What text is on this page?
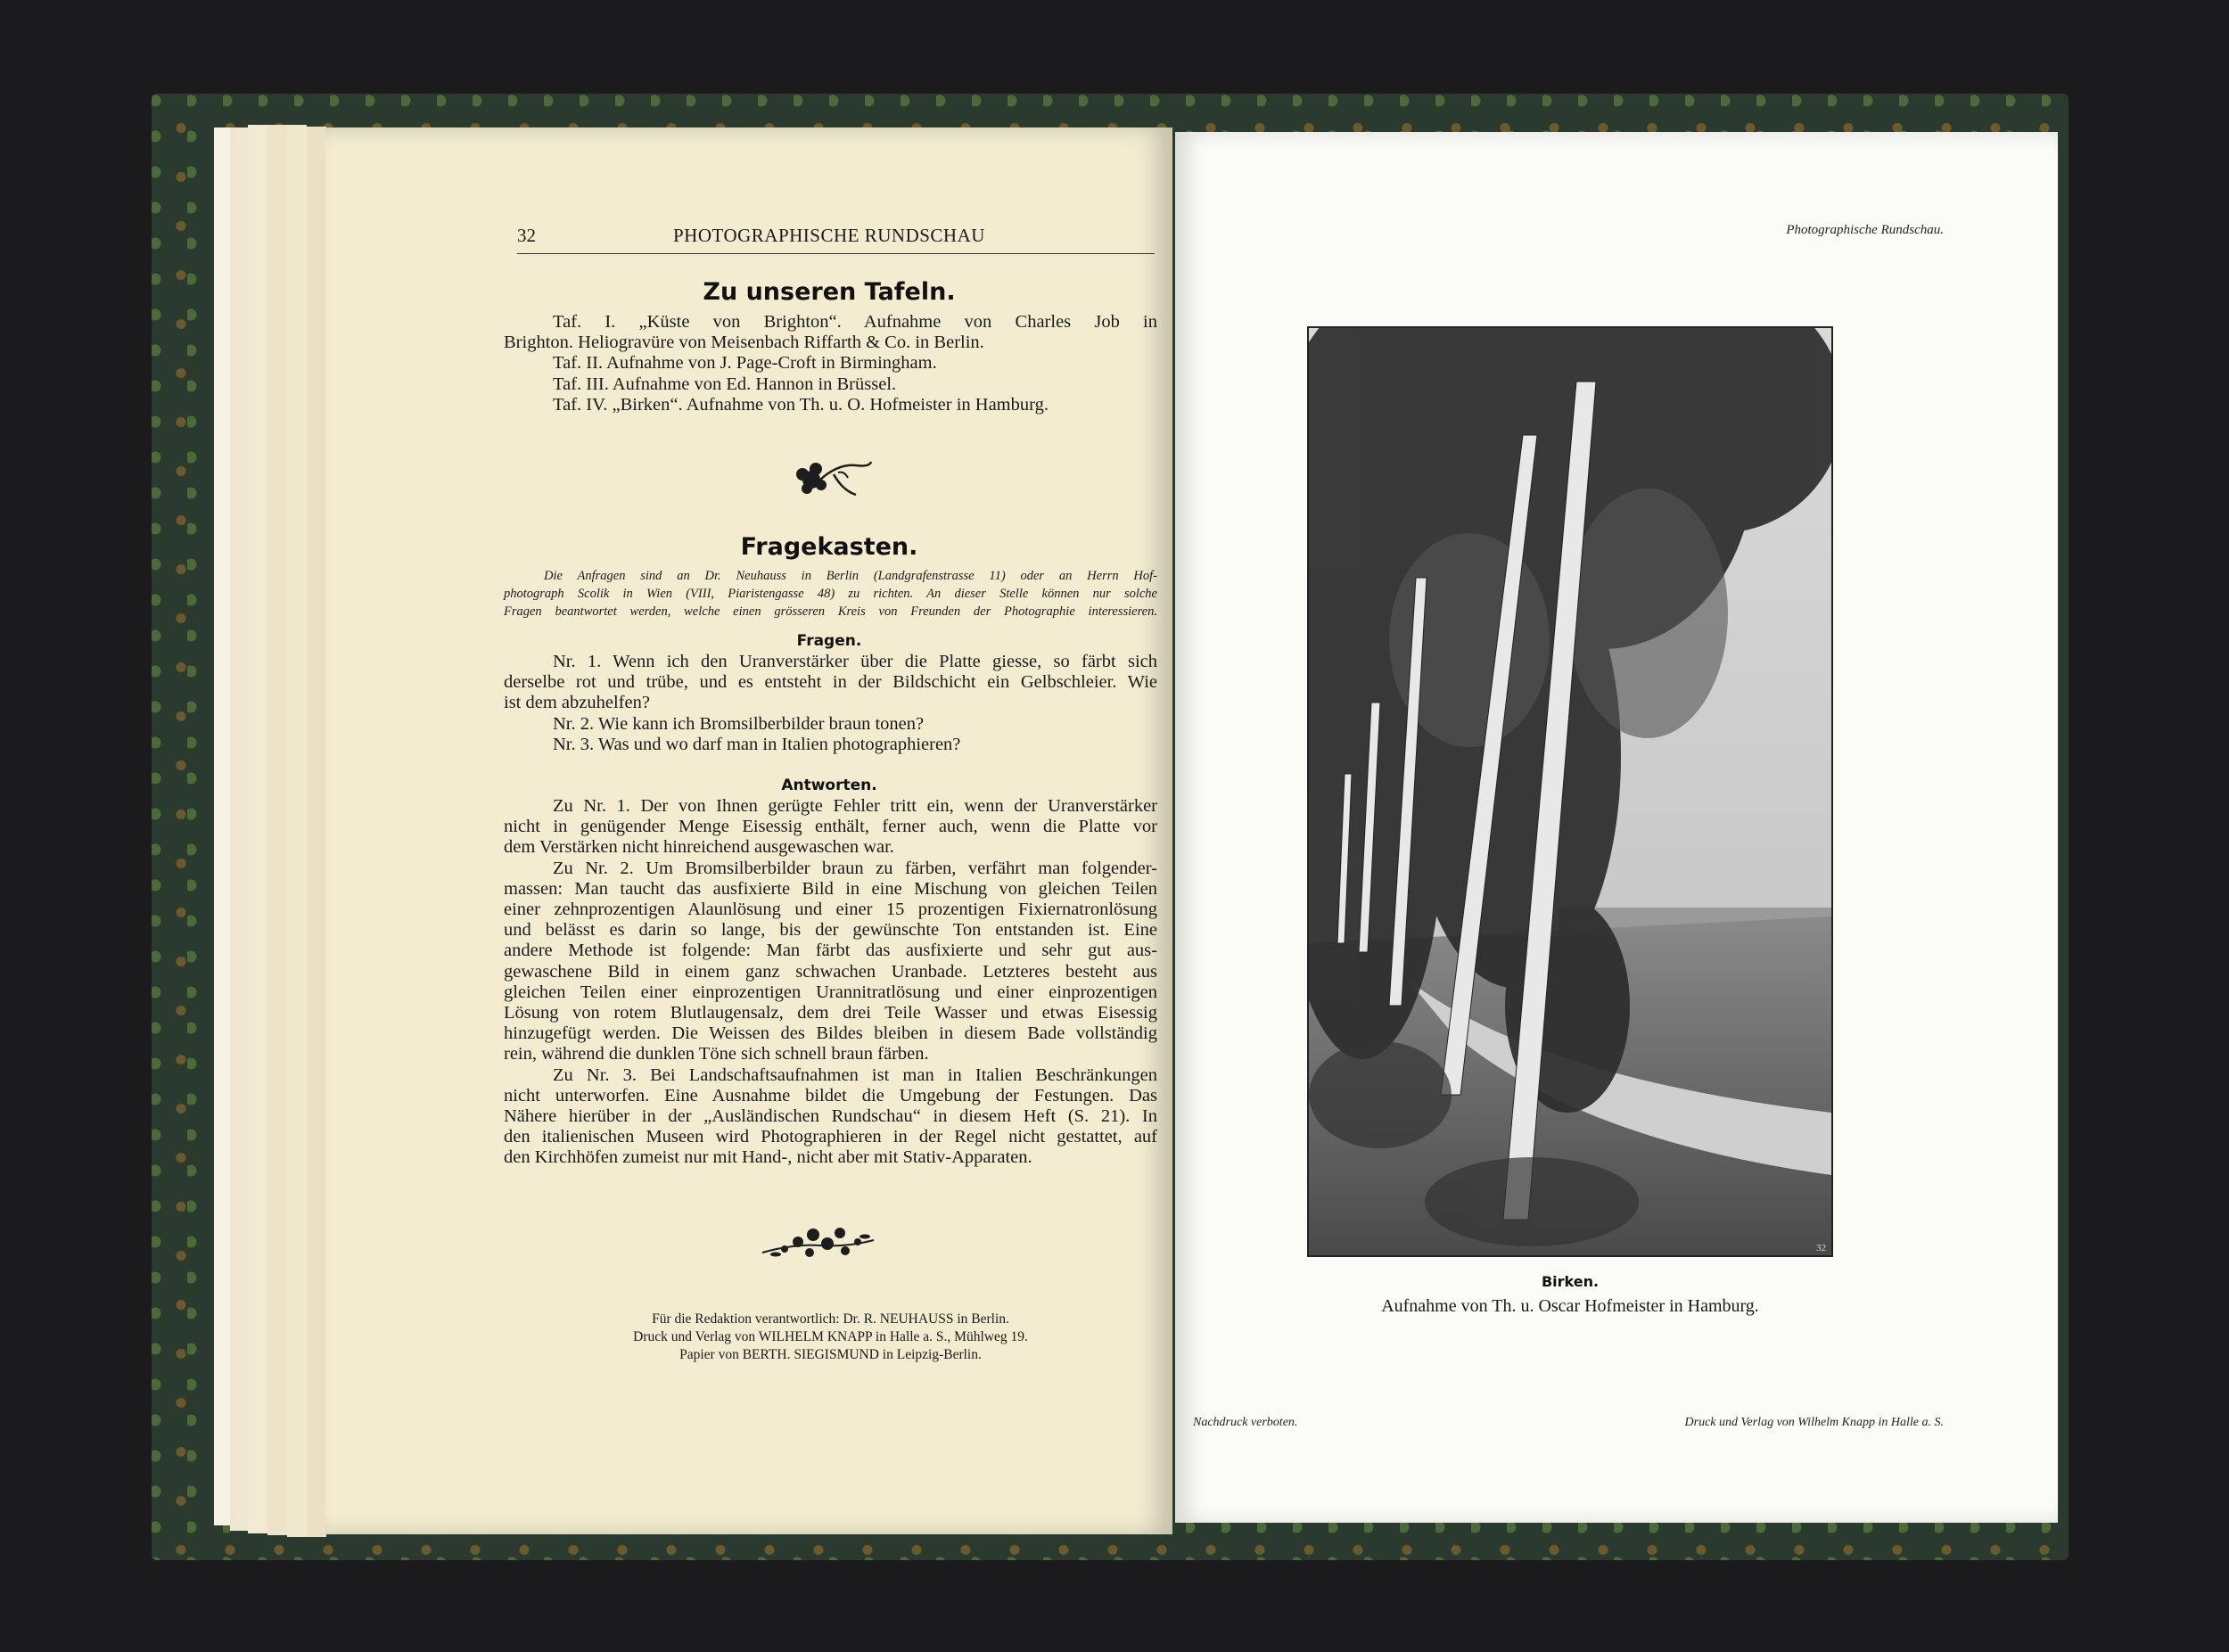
32	PHOTOGRAPHISCHE RUNDSCHAU
Zu unseren Tafeln.
Taf. I. „Küste von Brighton“. Aufnahme von Charles Job in
Brighton. Heliogravüre von Meisenbach Riffarth & Co. in Berlin.
Taf. II. Aufnahme von J. Page-Croft in Birmingham.
Taf. III. Aufnahme von Ed. Hannon in Brüssel.
Taf. IV. „Birken“. Aufnahme von Th. u. O. Hofmeister in Hamburg.
Fragekasten.
Die Anfragen sind an Dr. Neuhauss in Berlin (Landgrafenstrasse 11) oder an Herrn Hof-
photograph Scolik in Wien (VIII, Piaristengasse 48) zu richten. An dieser Stelle können nur solche
Fragen beantwortet werden, welche einen grösseren Kreis von Freunden der Photographie interessieren.
Fragen.
Nr. 1. Wenn ich den Uranverstärker über die Platte giesse, so färbt sich
derselbe rot und trübe, und es entsteht in der Bildschicht ein Gelbschleier. Wie
ist dem abzuhelfen?
Nr. 2. Wie kann ich Bromsilberbilder braun tonen?
Nr. 3. Was und wo darf man in Italien photographieren?
Antworten.
Zu Nr. 1. Der von Ihnen gerügte Fehler tritt ein, wenn der Uranverstärker
nicht in genügender Menge Eisessig enthält, ferner auch, wenn die Platte vor
dem Verstärken nicht hinreichend ausgewaschen war.
Zu Nr. 2. Um Bromsilberbilder braun zu färben, verfährt man folgender-
massen: Man taucht das ausfixierte Bild in eine Mischung von gleichen Teilen
einer zehnprozentigen Alaunlösung und einer 15 prozentigen Fixiernatronlösung
und belässt es darin so lange, bis der gewünschte Ton entstanden ist. Eine
andere Methode ist folgende: Man färbt das ausfixierte und sehr gut aus-
gewaschene Bild in einem ganz schwachen Uranbade. Letzteres besteht aus
gleichen Teilen einer einprozentigen Urannitratlösung und einer einprozentigen
Lösung von rotem Blutlaugensalz, dem drei Teile Wasser und etwas Eisessig
hinzugefügt werden. Die Weissen des Bildes bleiben in diesem Bade vollständig
rein, während die dunklen Töne sich schnell braun färben.
Zu Nr. 3. Bei Landschaftsaufnahmen ist man in Italien Beschränkungen
nicht unterworfen. Eine Ausnahme bildet die Umgebung der Festungen. Das
Nähere hierüber in der „Ausländischen Rundschau“ in diesem Heft (S. 21). In
den italienischen Museen wird Photographieren in der Regel nicht gestattet, auf
den Kirchhöfen zumeist nur mit Hand-, nicht aber mit Stativ-Apparaten.
Für die Redaktion verantwortlich: Dr. R. NEUHAUSS in Berlin.
Druck und Verlag von WILHELM KNAPP in Halle a. S., Mühlweg 19.
Papier von BERTH. SIEGISMUND in Leipzig-Berlin.
Photographische Rundschau.
32
Birken.
Aufnahme von Th. u. Oscar Hofmeister in Hamburg.
Nachdruck verboten.	Druck und Verlag von Wilhelm Knapp in Halle a. S.
